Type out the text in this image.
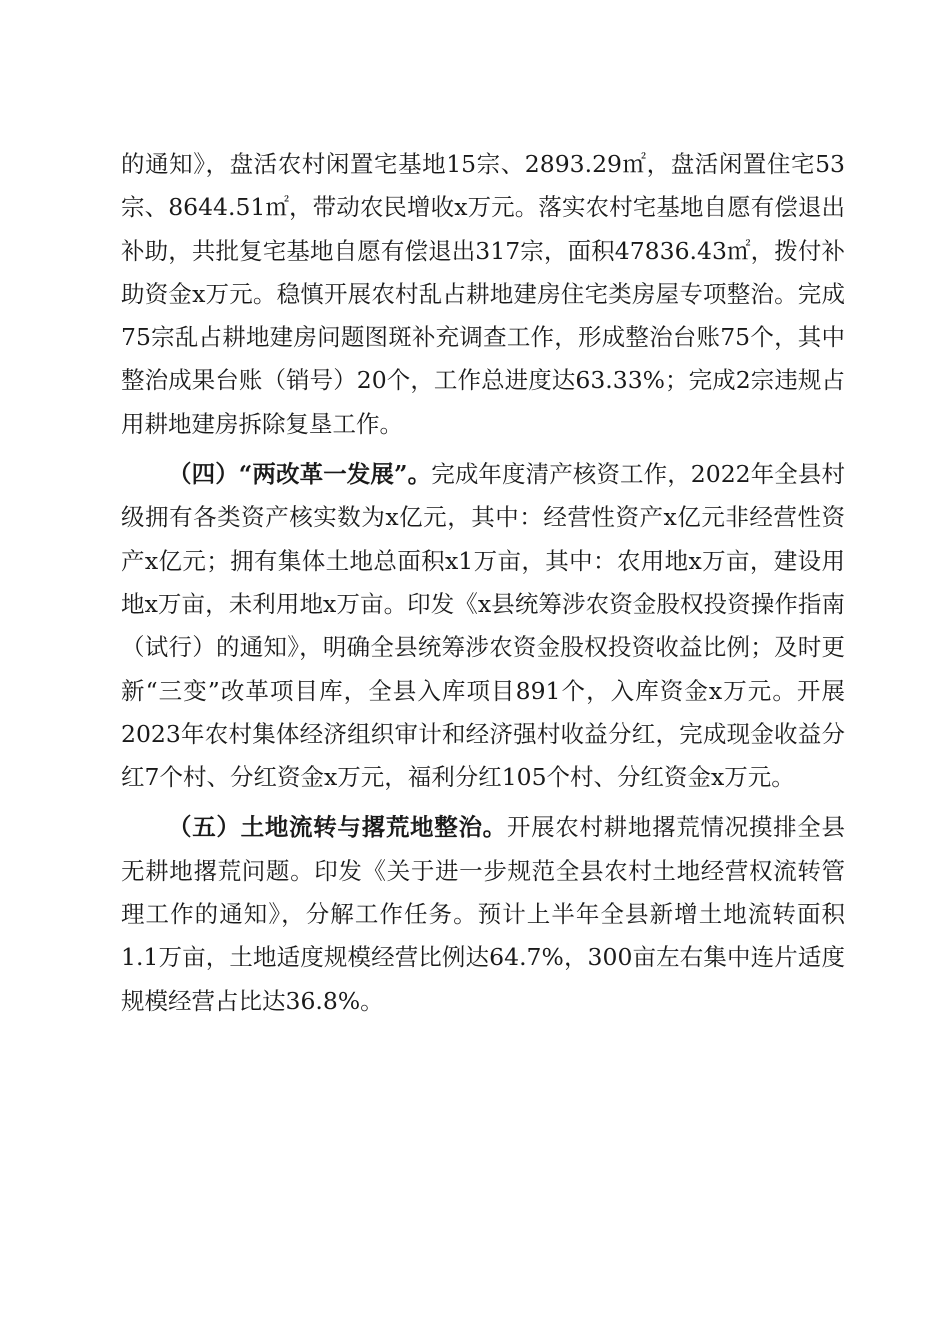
的通知》，盘活农村闲置宅基地15宗、2893.29㎡，盘活闲置住宅53宗、8644.51㎡，带动农民增收x万元。落实农村宅基地自愿有偿退出补助，共批复宅基地自愿有偿退出317宗，面积47836.43㎡，拨付补助资金x万元。稳慎开展农村乱占耕地建房住宅类房屋专项整治。完成75宗乱占耕地建房问题图斑补充调查工作，形成整治台账75个，其中整治成果台账（销号）20个，工作总进度达63.33%；完成2宗违规占用耕地建房拆除复垦工作。

（四）“两改革一发展”。完成年度清产核资工作，2022年全县村级拥有各类资产核实数为x亿元，其中：经营性资产x亿元非经营性资产x亿元；拥有集体土地总面积x1万亩，其中：农用地x万亩，建设用地x万亩，未利用地x万亩。印发《x县统筹涉农资金股权投资操作指南（试行）的通知》，明确全县统筹涉农资金股权投资收益比例；及时更新“三变”改革项目库，全县入库项目891个，入库资金x万元。开展2023年农村集体经济组织审计和经济强村收益分红，完成现金收益分红7个村、分红资金x万元，福利分红105个村、分红资金x万元。

（五）土地流转与撂荒地整治。开展农村耕地撂荒情况摸排全县无耕地撂荒问题。印发《关于进一步规范全县农村土地经营权流转管理工作的通知》，分解工作任务。预计上半年全县新增土地流转面积1.1万亩，土地适度规模经营比例达64.7%，300亩左右集中连片适度规模经营占比达36.8%。
